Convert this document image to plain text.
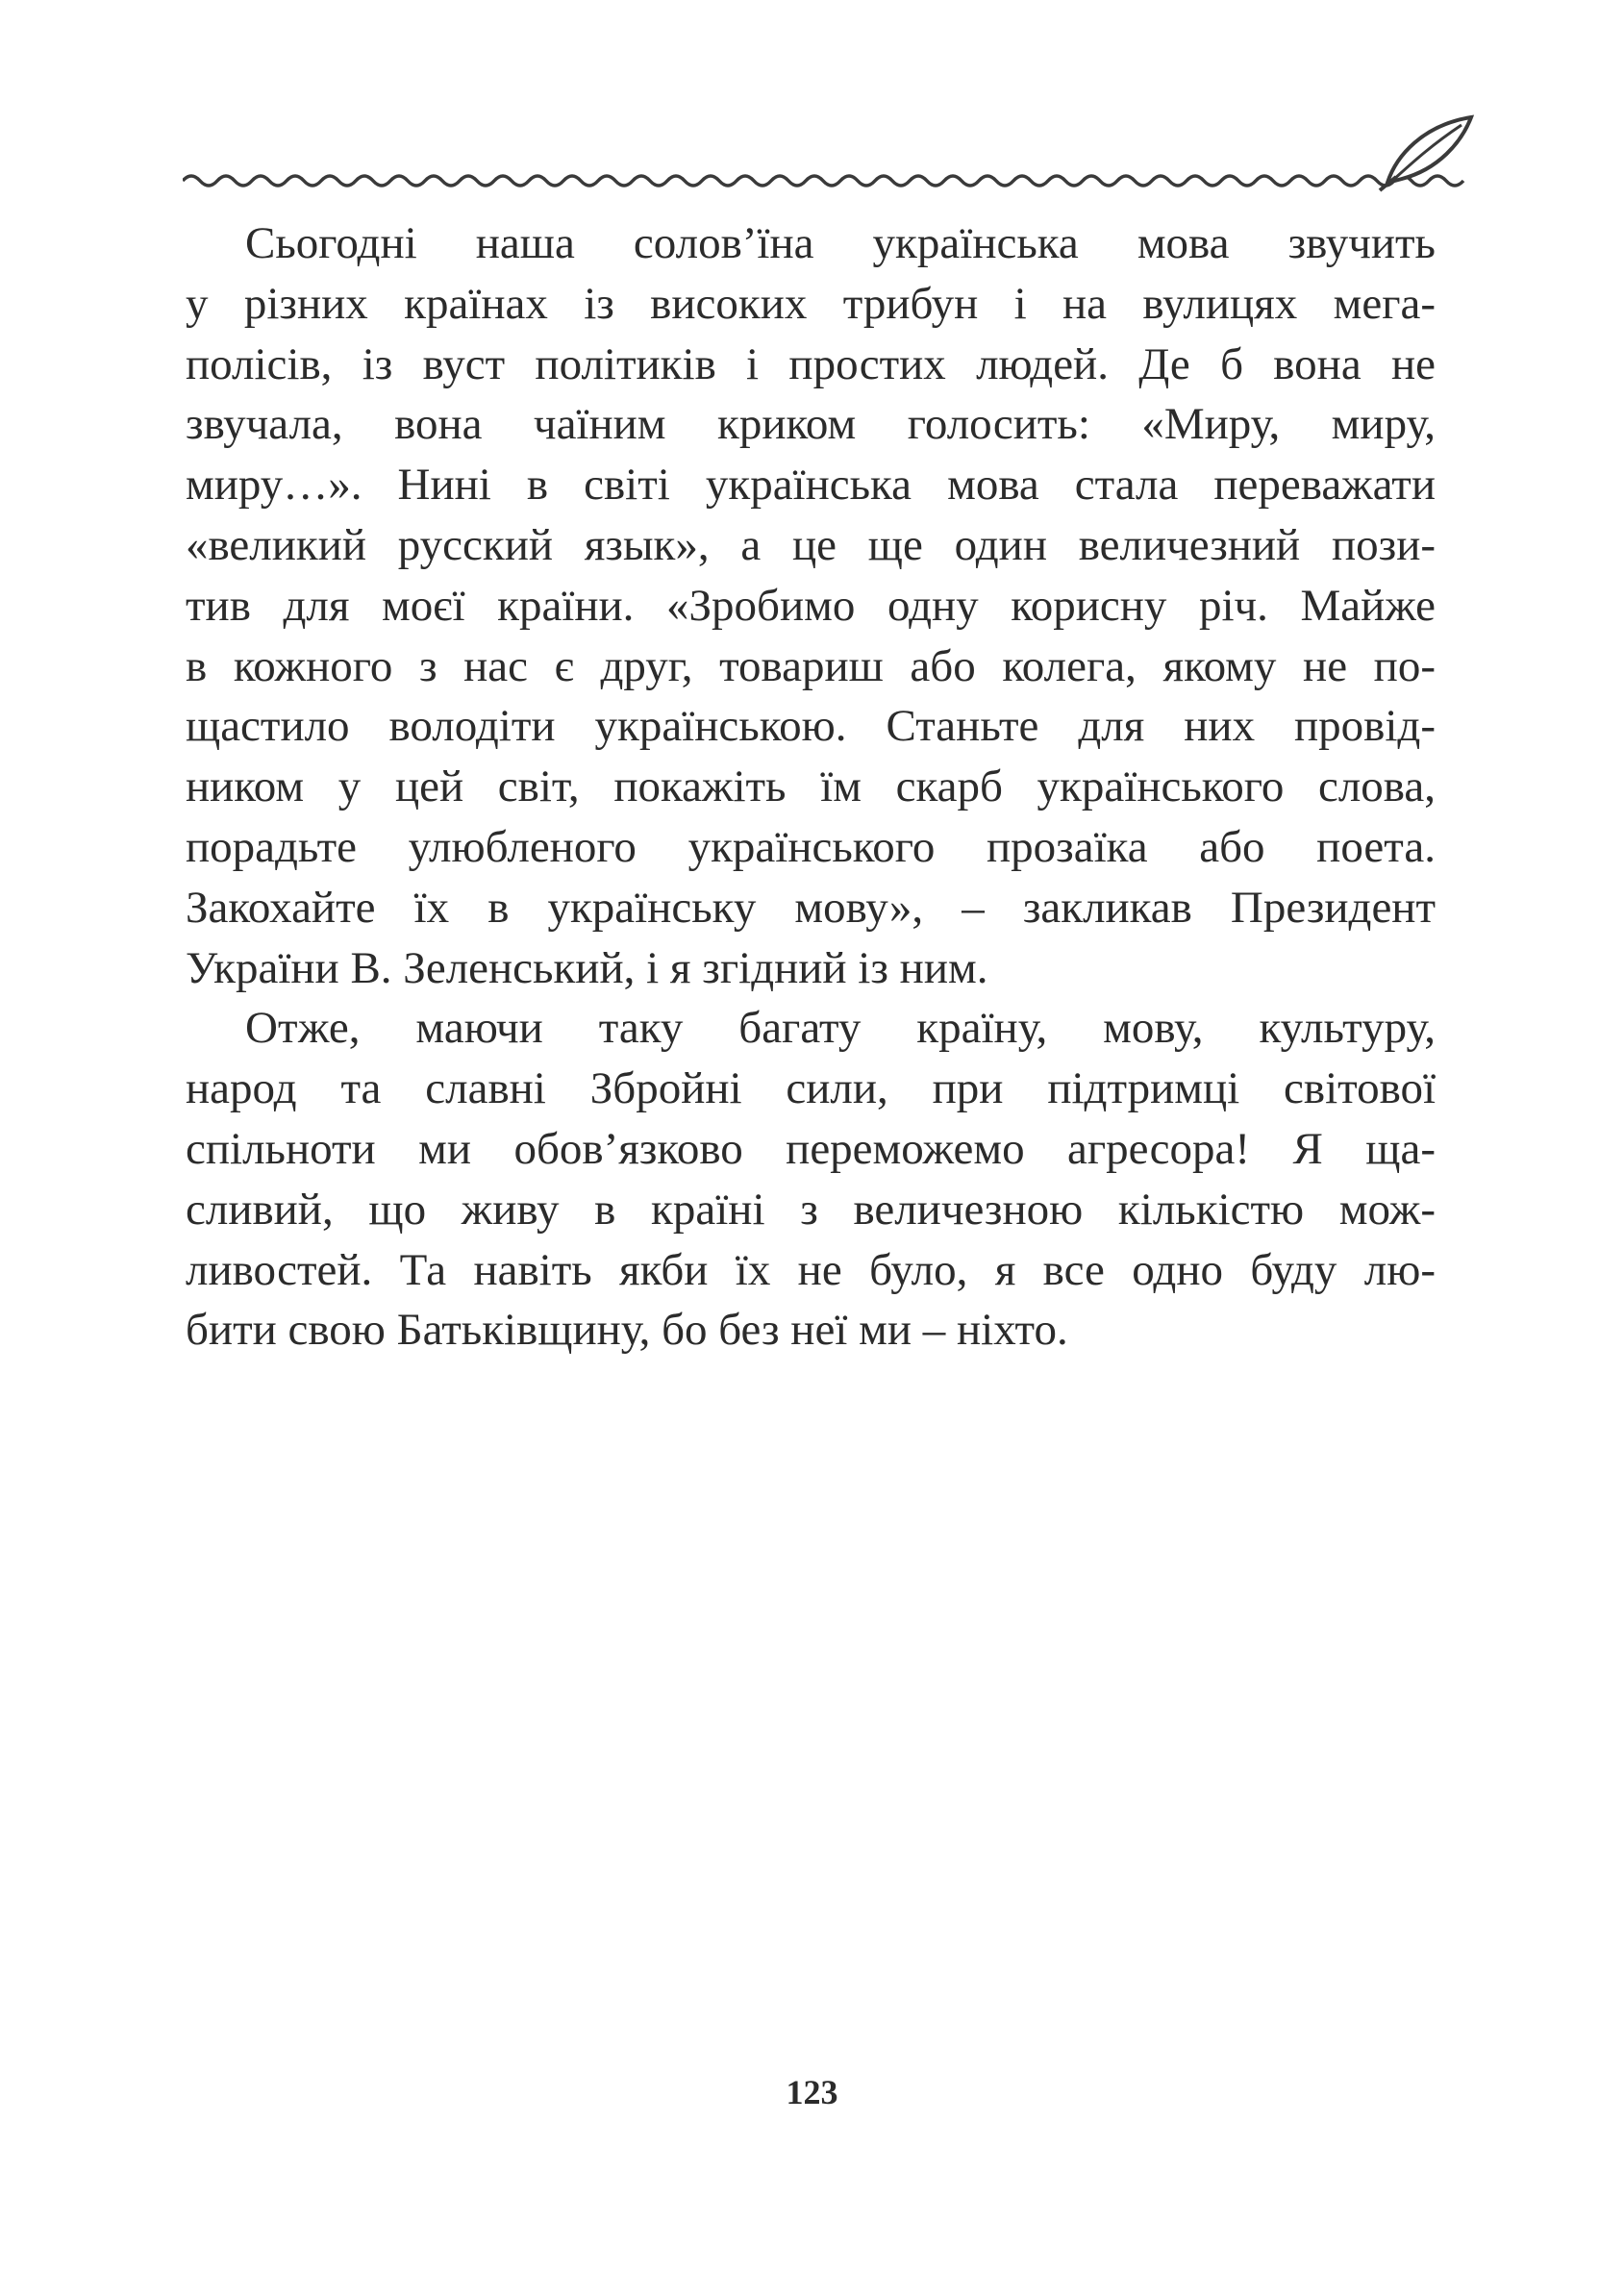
Сьогодні наша солов’їна українська мова звучить
у різних країнах із високих трибун і на вулицях мега-
полісів, із вуст політиків і простих людей. Де б вона не
звучала, вона чаїним криком голосить: «Миру, миру,
миру…». Нині в світі українська мова стала переважати
«великий русский язык», а це ще один величезний пози-
тив для моєї країни. «Зробимо одну корисну річ. Майже
в кожного з нас є друг, товариш або колега, якому не по-
щастило володіти українською. Станьте для них провід-
ником у цей світ, покажіть їм скарб українського слова,
порадьте улюбленого українського прозаїка або поета.
Закохайте їх в українську мову», – закликав Президент
України В. Зеленський, і я згідний із ним.
Отже, маючи таку багату країну, мову, культуру,
народ та славні Збройні сили, при підтримці світової
спільноти ми обов’язково переможемо агресора! Я ща-
сливий, що живу в країні з величезною кількістю мож-
ливостей. Та навіть якби їх не було, я все одно буду лю-
бити свою Батьківщину, бо без неї ми – ніхто.
123
